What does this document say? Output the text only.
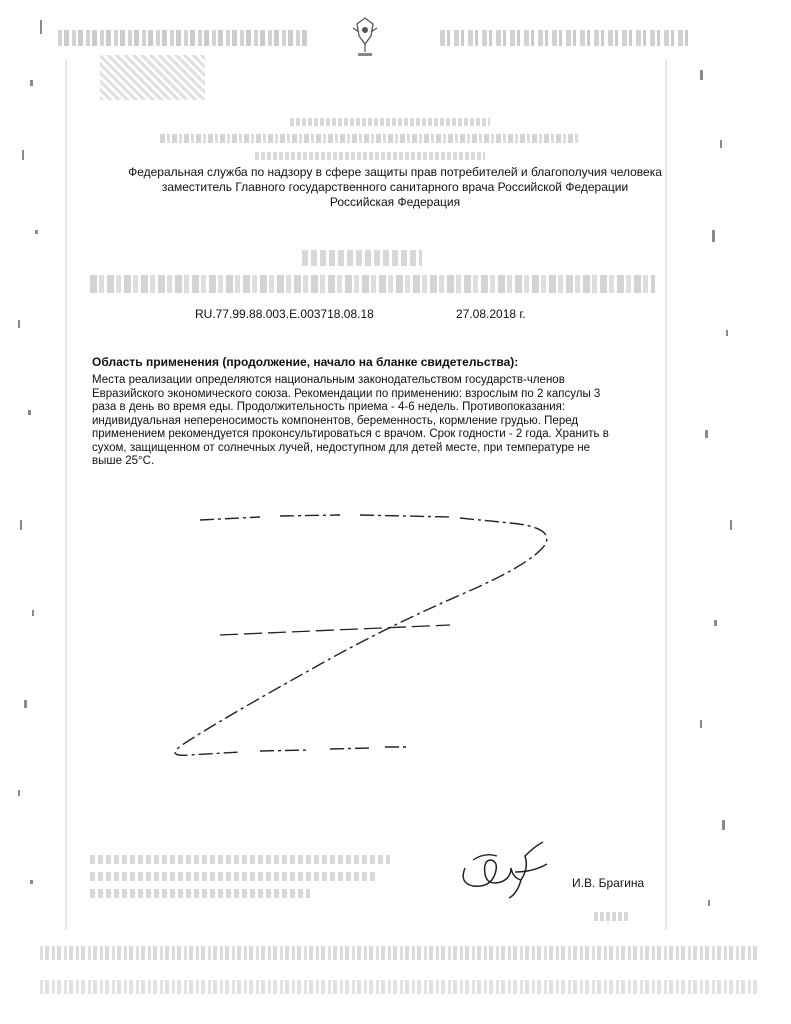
Федеральная служба по надзору в сфере защиты прав потребителей и благополучия человека
заместитель Главного государственного санитарного врача Российской Федерации
Российская Федерация
RU.77.99.88.003.Е.003718.08.18	27.08.2018 г.
Область применения (продолжение, начало на бланке свидетельства):
Места реализации определяются национальным законодательством государств-членов
Евразийского экономического союза. Рекомендации по применению: взрослым по 2 капсулы 3
раза в день во время еды. Продолжительность приема - 4-6 недель. Противопоказания:
индивидуальная непереносимость компонентов, беременность, кормление грудью. Перед
применением рекомендуется проконсультироваться с врачом. Срок годности - 2 года. Хранить в
сухом, защищенном от солнечных лучей, недоступном для детей месте, при температуре не
выше 25°С.
И.В. Брагина
